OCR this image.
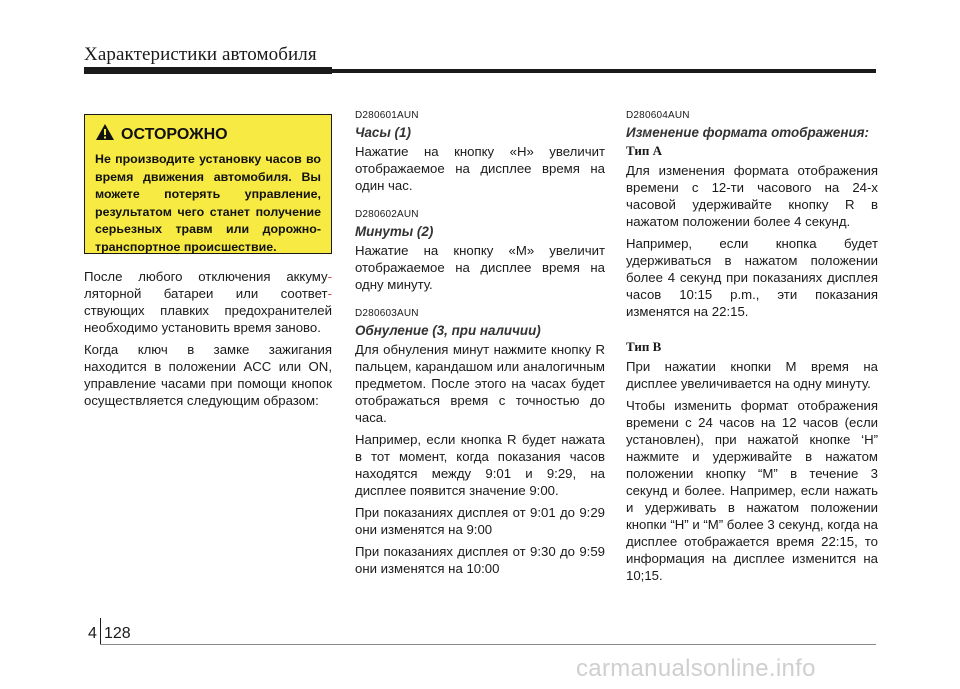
Характеристики автомобиля
ОСТОРОЖНО

Не производите установку часов во время движения автомобиля. Вы можете потерять управление, результатом чего станет получение серьезных травм или дорожно-транспортное происшествие.

После любого отключения аккуму- ляторной батареи или соответ- ствующих плавких предохранителей необходимо установить время заново.

Когда ключ в замке зажигания находится в положении ACC или ON, управление часами при помощи кнопок осуществляется следующим образом:

D280601AUN

Часы (1)

Нажатие на кнопку «H» увеличит отображаемое на дисплее время на один час.

D280602AUN

Минуты (2)

Нажатие на кнопку «M» увеличит отображаемое на дисплее время на одну минуту.

D280603AUN

Обнуление (3, при наличии)

Для обнуления минут нажмите кнопку R пальцем, карандашом или аналогичным предметом. После этого на часах будет отображаться время с точностью до часа.

Например, если кнопка R будет нажата в тот момент, когда показания часов находятся между 9:01 и 9:29, на дисплее появится значение 9:00.

При показаниях дисплея от 9:01 до 9:29 они изменятся на 9:00

При показаниях дисплея от 9:30 до 9:59 они изменятся на 10:00

D280604AUN

Изменение формата отображения:

Тип A

Для изменения формата отображения времени с 12-ти часового на 24-х часовой удерживайте кнопку R в нажатом положении более 4 секунд.

Например, если кнопка будет удерживаться в нажатом положении более 4 секунд при показаниях дисплея часов 10:15 p.m., эти показания изменятся на 22:15.

Тип B

При нажатии кнопки M время на дисплее увеличивается на одну минуту.

Чтобы изменить формат отображения времени с 24 часов на 12 часов (если установлен), при нажатой кнопке ‘H” нажмите и удерживайте в нажатом положении кнопку “M” в течение 3 секунд и более. Например, если нажать и удерживать в нажатом положении кнопки “H” и “M” более 3 секунд, когда на дисплее отображается время 22:15, то информация на дисплее изменится на 10;15.

4 128
carmanualsonline.info
